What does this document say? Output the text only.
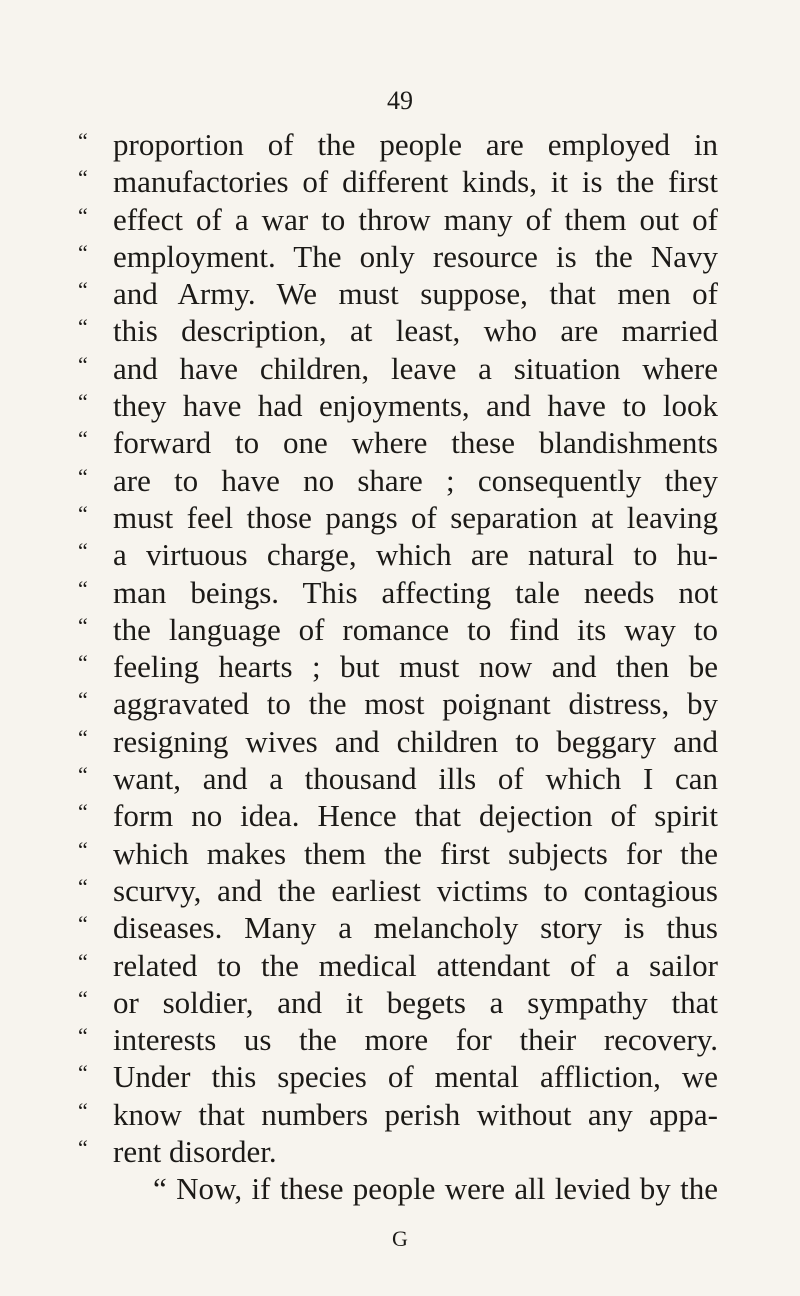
49
“ proportion of the people are employed in
“ manufactories of different kinds, it is the first
“ effect of a war to throw many of them out of
“ employment. The only resource is the Navy
“ and Army. We must suppose, that men of
“ this description, at least, who are married
“ and have children, leave a situation where
“ they have had enjoyments, and have to look
“ forward to one where these blandishments
“ are to have no share ; consequently they
“ must feel those pangs of separation at leaving
“ a virtuous charge, which are natural to hu-
“ man beings. This affecting tale needs not
“ the language of romance to find its way to
“ feeling hearts ; but must now and then be
“ aggravated to the most poignant distress, by
“ resigning wives and children to beggary and
“ want, and a thousand ills of which I can
“ form no idea. Hence that dejection of spirit
“ which makes them the first subjects for the
“ scurvy, and the earliest victims to contagious
“ diseases. Many a melancholy story is thus
“ related to the medical attendant of a sailor
“ or soldier, and it begets a sympathy that
“ interests us the more for their recovery.
“ Under this species of mental affliction, we
“ know that numbers perish without any appa-
“ rent disorder.
“ Now, if these people were all levied by the
G
